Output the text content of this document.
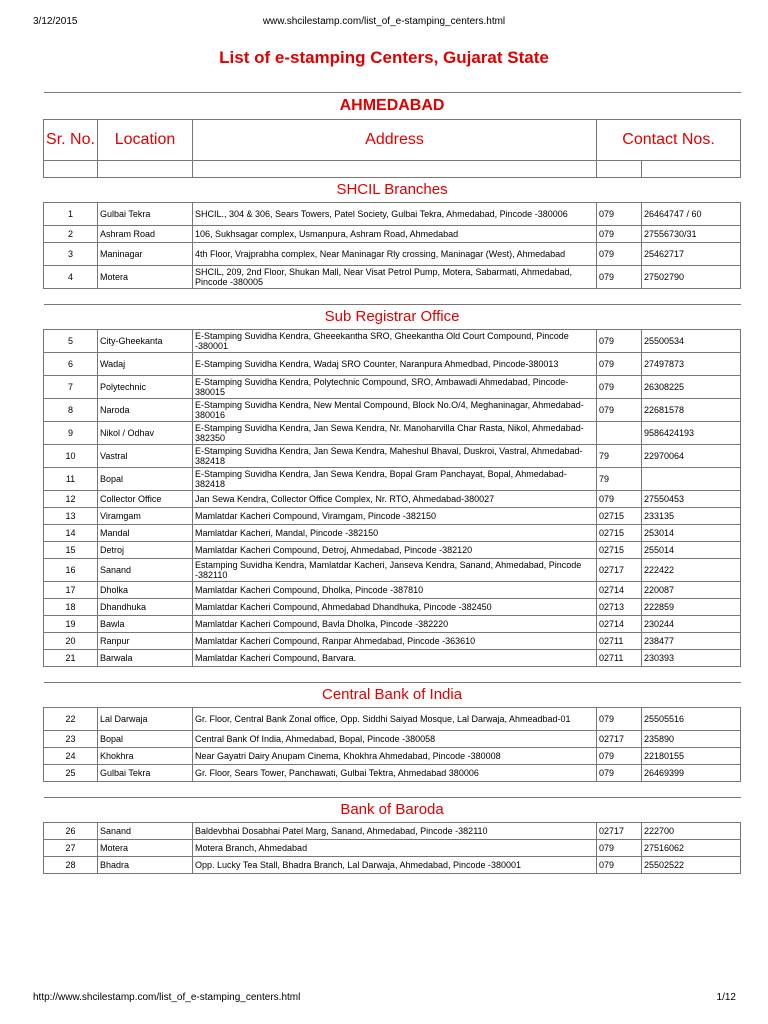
3/12/2015	www.shcilestamp.com/list_of_e-stamping_centers.html
List of e-stamping Centers, Gujarat State
AHMEDABAD				
Sr. No.	Location	Address	Contact Nos.	

SHCIL Branches				
1	Gulbai Tekra	SHCIL., 304 & 306, Sears Towers, Patel Society, Gulbai Tekra, Ahmedabad, Pincode -380006	079	26464747 / 60
2	Ashram Road	106, Sukhsagar complex, Usmanpura, Ashram Road, Ahmedabad	079	27556730/31
3	Maninagar	4th Floor, Vrajprabha complex, Near Maninagar Rly crossing, Maninagar (West), Ahmedabad	079	25462717
4	Motera	SHCIL, 209, 2nd Floor, Shukan Mall, Near Visat Petrol Pump, Motera, Sabarmati, Ahmedabad, Pincode -380005	079	27502790

Sub Registrar Office				
5	City-Gheekanta	E-Stamping Suvidha Kendra, Gheeekantha SRO, Gheekantha Old Court Compound, Pincode -380001	079	25500534
6	Wadaj	E-Stamping Suvidha Kendra, Wadaj SRO Counter, Naranpura Ahmedbad, Pincode-380013	079	27497873
7	Polytechnic	E-Stamping Suvidha Kendra, Polytechnic Compound, SRO, Ambawadi Ahmedabad, Pincode-380015	079	26308225
8	Naroda	E-Stamping Suvidha Kendra, New Mental Compound, Block No.O/4, Meghaninagar, Ahmedabad-380016	079	22681578
9	Nikol / Odhav	E-Stamping Suvidha Kendra, Jan Sewa Kendra, Nr. Manoharvilla Char Rasta, Nikol, Ahmedabad-382350		9586424193
10	Vastral	E-Stamping Suvidha Kendra, Jan Sewa Kendra, Maheshul Bhaval, Duskroi, Vastral, Ahmedabad-382418	79	22970064
11	Bopal	E-Stamping Suvidha Kendra, Jan Sewa Kendra, Bopal Gram Panchayat, Bopal, Ahmedabad-382418	79	
12	Collector Office	Jan Sewa Kendra, Collector Office Complex, Nr. RTO, Ahmedabad-380027	079	27550453
13	Viramgam	Mamlatdar Kacheri Compound, Viramgam, Pincode -382150	02715	233135
14	Mandal	Mamlatdar Kacheri, Mandal, Pincode -382150	02715	253014
15	Detroj	Mamlatdar Kacheri Compound, Detroj, Ahmedabad, Pincode -382120	02715	255014
16	Sanand	Estamping Suvidha Kendra, Mamlatdar Kacheri, Janseva Kendra, Sanand, Ahmedabad, Pincode -382110	02717	222422
17	Dholka	Mamlatdar Kacheri Compound, Dholka, Pincode -387810	02714	220087
18	Dhandhuka	Mamlatdar Kacheri Compound, Ahmedabad Dhandhuka, Pincode -382450	02713	222859
19	Bawla	Mamlatdar Kacheri Compound, Bavla Dholka, Pincode -382220	02714	230244
20	Ranpur	Mamlatdar Kacheri Compound, Ranpar Ahmedabad, Pincode -363610	02711	238477
21	Barwala	Mamlatdar Kacheri Compound, Barvara.	02711	230393

Central Bank of India				
22	Lal Darwaja	Gr. Floor, Central Bank Zonal office, Opp. Siddhi Saiyad Mosque, Lal Darwaja, Ahmeadbad-01	079	25505516
23	Bopal	Central Bank Of India, Ahmedabad, Bopal, Pincode -380058	02717	235890
24	Khokhra	Near Gayatri Dairy Anupam Cinema, Khokhra Ahmedabad, Pincode -380008	079	22180155
25	Gulbai Tekra	Gr. Floor, Sears Tower, Panchawati, Gulbai Tektra, Ahmedabad 380006	079	26469399

Bank of Baroda				
26	Sanand	Baldevbhai Dosabhai Patel Marg, Sanand, Ahmedabad, Pincode -382110	02717	222700
27	Motera	Motera Branch, Ahmedabad	079	27516062
28	Bhadra	Opp. Lucky Tea Stall, Bhadra Branch, Lal Darwaja, Ahmedabad, Pincode -380001	079	25502522
http://www.shcilestamp.com/list_of_e-stamping_centers.html	1/12
